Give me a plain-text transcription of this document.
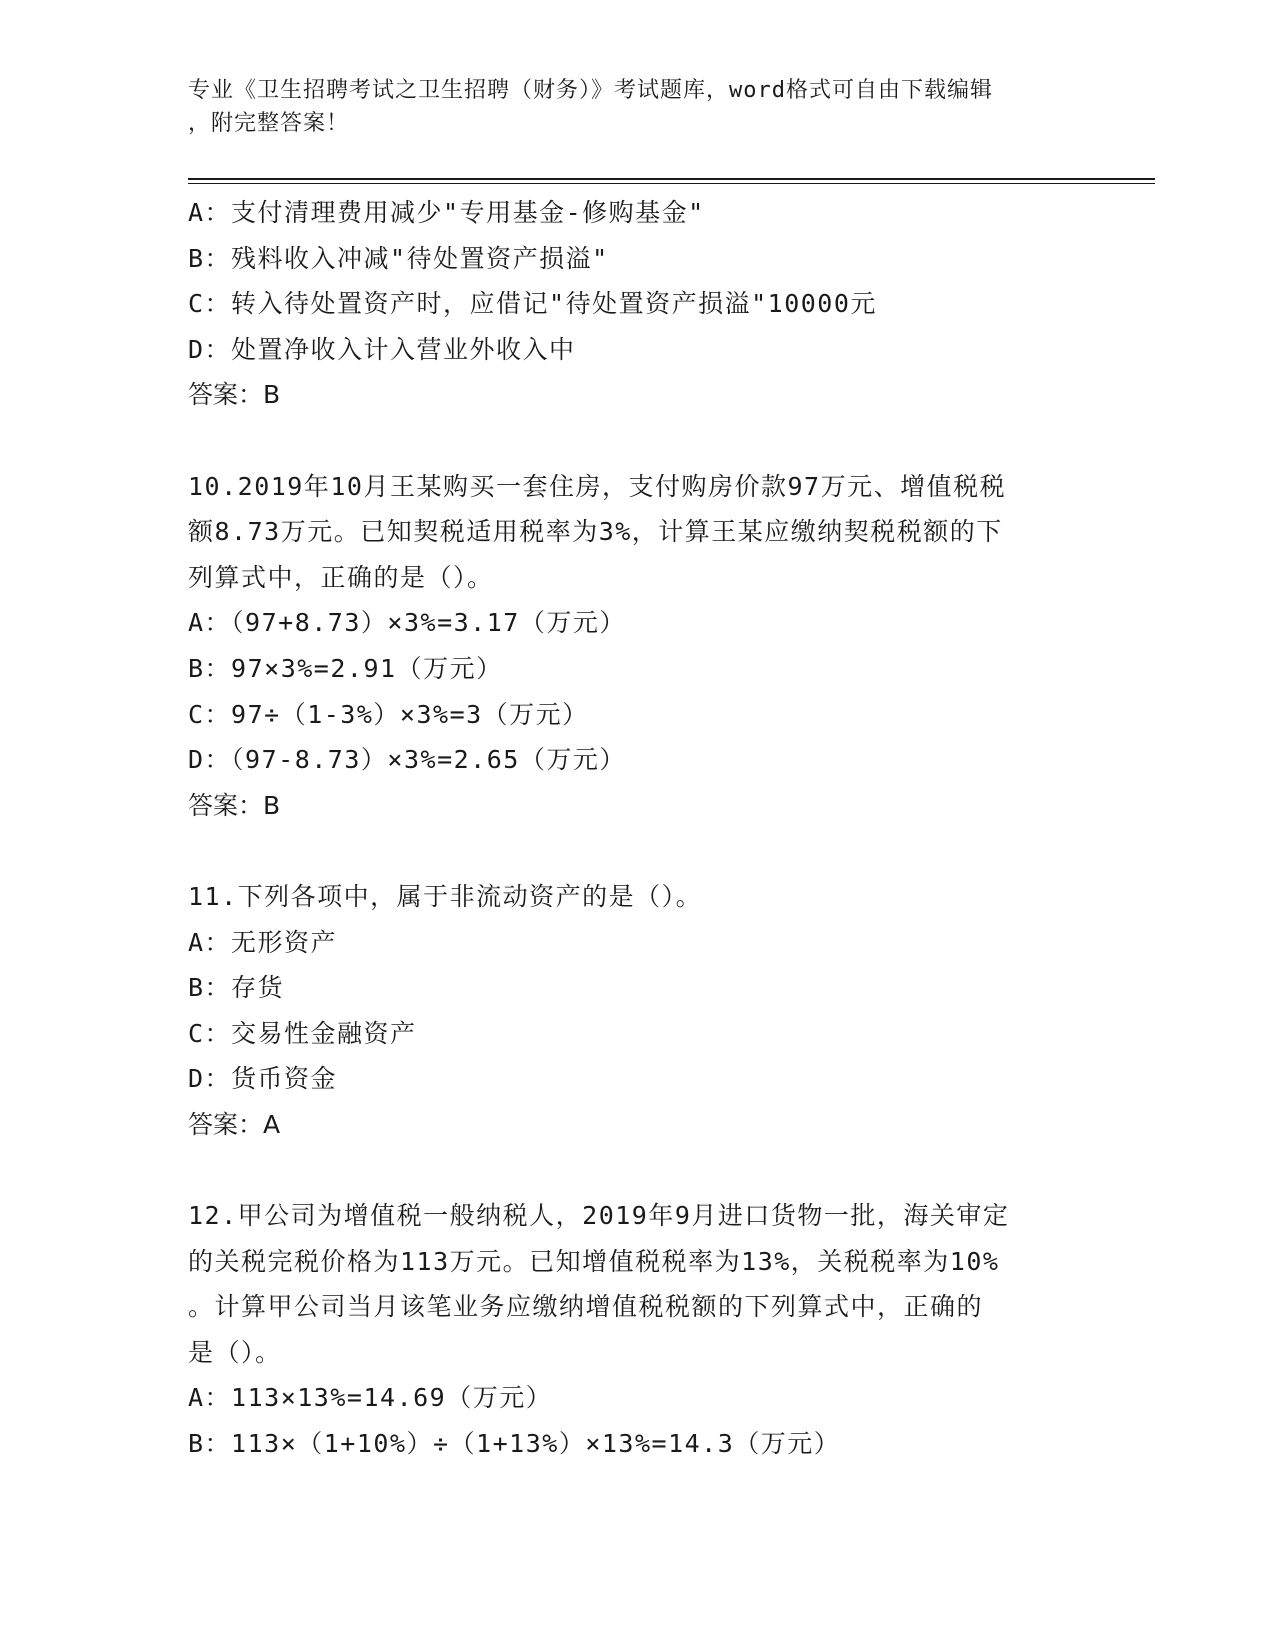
专业《卫生招聘考试之卫生招聘（财务）》考试题库，word格式可自由下载编辑
，附完整答案！
A：支付清理费用减少"专用基金-修购基金"
B：残料收入冲减"待处置资产损溢"
C：转入待处置资产时，应借记"待处置资产损溢"10000元
D：处置净收入计入营业外收入中
答案：B
10.2019年10月王某购买一套住房，支付购房价款97万元、增值税税
额8.73万元。已知契税适用税率为3%，计算王某应缴纳契税税额的下
列算式中，正确的是（）。
A：（97+8.73）×3%=3.17（万元）
B：97×3%=2.91（万元）
C：97÷（1-3%）×3%=3（万元）
D：（97-8.73）×3%=2.65（万元）
答案：B
11.下列各项中，属于非流动资产的是（）。
A：无形资产
B：存货
C：交易性金融资产
D：货币资金
答案：A
12.甲公司为增值税一般纳税人，2019年9月进口货物一批，海关审定
的关税完税价格为113万元。已知增值税税率为13%，关税税率为10%
。计算甲公司当月该笔业务应缴纳增值税税额的下列算式中，正确的
是（）。
A：113×13%=14.69（万元）
B：113×（1+10%）÷（1+13%）×13%=14.3（万元）
